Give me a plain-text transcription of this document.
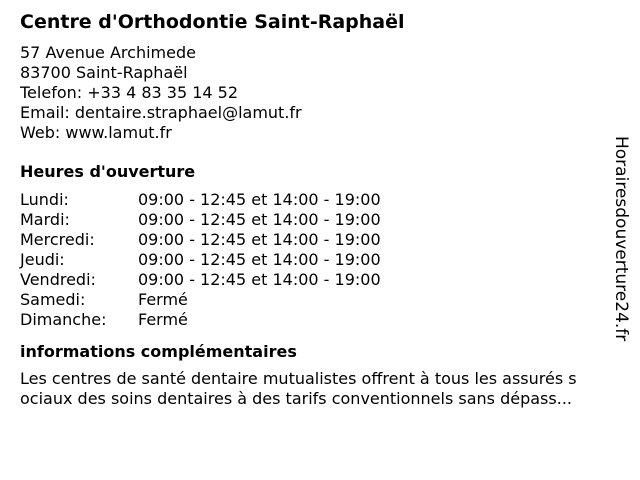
Centre d'Orthodontie Saint-Raphaël
57 Avenue Archimede
83700 Saint-Raphaël
Telefon: +33 4 83 35 14 52
Email: dentaire.straphael@lamut.fr
Web: www.lamut.fr
Heures d'ouverture
Lundi:	09:00 - 12:45 et 14:00 - 19:00
Mardi:	09:00 - 12:45 et 14:00 - 19:00
Mercredi:	09:00 - 12:45 et 14:00 - 19:00
Jeudi:	09:00 - 12:45 et 14:00 - 19:00
Vendredi:	09:00 - 12:45 et 14:00 - 19:00
Samedi:	Fermé
Dimanche:	Fermé
informations complémentaires
Les centres de santé dentaire mutualistes offrent à tous les assurés s
ociaux des soins dentaires à des tarifs conventionnels sans dépass...
Horairesdouverture24.fr
